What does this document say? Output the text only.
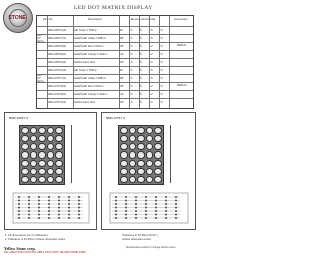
STONE
LED DOT MATRIX DISPLAY
Part No.	Description	Electro-optical Data	Dimension
1.26" 5x7 Matrix
1.26" 5x7 Matrix
BMD-01
BMD-02
BMD-10657G(S)	GaP Green ± 565nm	567	2.1	20	1.5	2.5
BMD-10657Y(S)	GaAsP/GaP Yellow ± 585nm	585	2.1	20	1.5	2.5
BMD-10657R(S)	GaAsP/GaP Red ± 635nm	635	2.0	20	1.2	2.5
BMD-10657E(S)	GaAsP/GaP Orange ± 610nm	610	2.0	20	1.2	2.5
BMD-10657D(S)	GaAlAs Super Red	660	1.8	20	4.0	2.5
BMD-10757G(S)	GaP Green ± 565nm	567	2.1	20	1.5	2.5
BMD-10757Y(S)	GaAsP/GaP Yellow ± 585nm	585	2.1	20	1.5	2.5
BMD-10757R(S)	GaAsP/GaP Red ± 635nm	635	2.0	20	1.2	2.5
BMD-10757E(S)	GaAsP/GaP Orange ± 610nm	610	2.0	20	1.2	2.5
BMD-10757D(S)	GaAlAs Super Red	660	1.8	20	4.0	2.5
BMD-10657 ⊙	BMD-10757 ⊙
1. All dimensions are in millimeters.
2. Tolerance is ±0.25mm unless otherwise noted.
Tolerance is ±0.25mm(0.01")
unless otherwise noted.
Yellow Stone corp.
TEL:+886-2-XXXX-XXXX FAX:+886-2-XXXX-XXXX YELLOW STONE CORP.
Specifications subject to change without notice.
